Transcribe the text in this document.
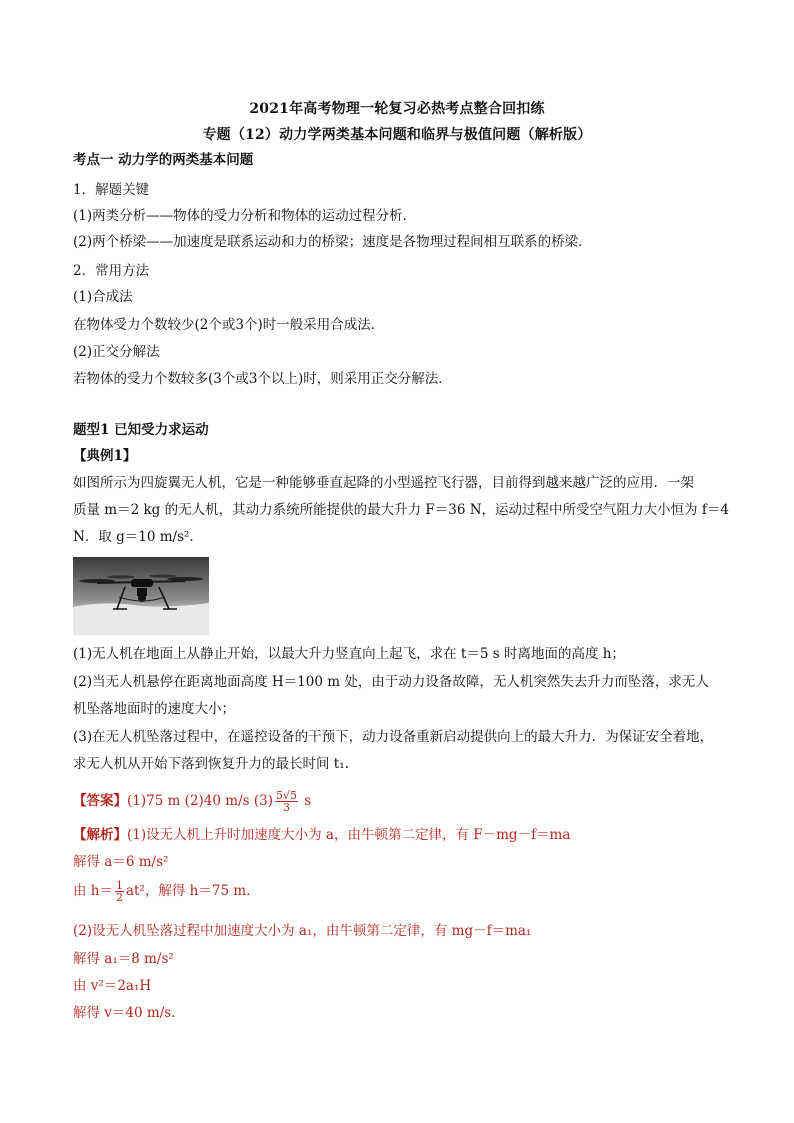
2021年高考物理一轮复习必热考点整合回扣练
专题（12）动力学两类基本问题和临界与极值问题（解析版）
考点一 动力学的两类基本问题
1．解题关键
(1)两类分析——物体的受力分析和物体的运动过程分析．
(2)两个桥梁——加速度是联系运动和力的桥梁；速度是各物理过程间相互联系的桥梁．
2．常用方法
(1)合成法
在物体受力个数较少(2个或3个)时一般采用合成法．
(2)正交分解法
若物体的受力个数较多(3个或3个以上)时，则采用正交分解法．
题型1 已知受力求运动
【典例1】
如图所示为四旋翼无人机，它是一种能够垂直起降的小型遥控飞行器，目前得到越来越广泛的应用．一架
质量 m＝2 kg 的无人机，其动力系统所能提供的最大升力 F＝36 N，运动过程中所受空气阻力大小恒为 f＝4
N．取 g＝10 m/s².
(1)无人机在地面上从静止开始，以最大升力竖直向上起飞，求在 t＝5 s 时离地面的高度 h；
(2)当无人机悬停在距离地面高度 H＝100 m 处，由于动力设备故障，无人机突然失去升力而坠落，求无人
机坠落地面时的速度大小；
(3)在无人机坠落过程中，在遥控设备的干预下，动力设备重新启动提供向上的最大升力．为保证安全着地，
求无人机从开始下落到恢复升力的最长时间 t₁.
【答案】(1)75 m (2)40 m/s $(3) \frac{5√5}{3}$ s
【解析】(1)设无人机上升时加速度大小为 a，由牛顿第二定律，有 F－mg－f＝ma
解得 a＝6 m/s²
由 $h= \frac{1}{2} at^2$，解得 h＝75 m.
(2)设无人机坠落过程中加速度大小为 a₁，由牛顿第二定律，有 mg－f＝ma₁
解得 a₁＝8 m/s²
由 v²＝2a₁H
解得 v＝40 m/s.
